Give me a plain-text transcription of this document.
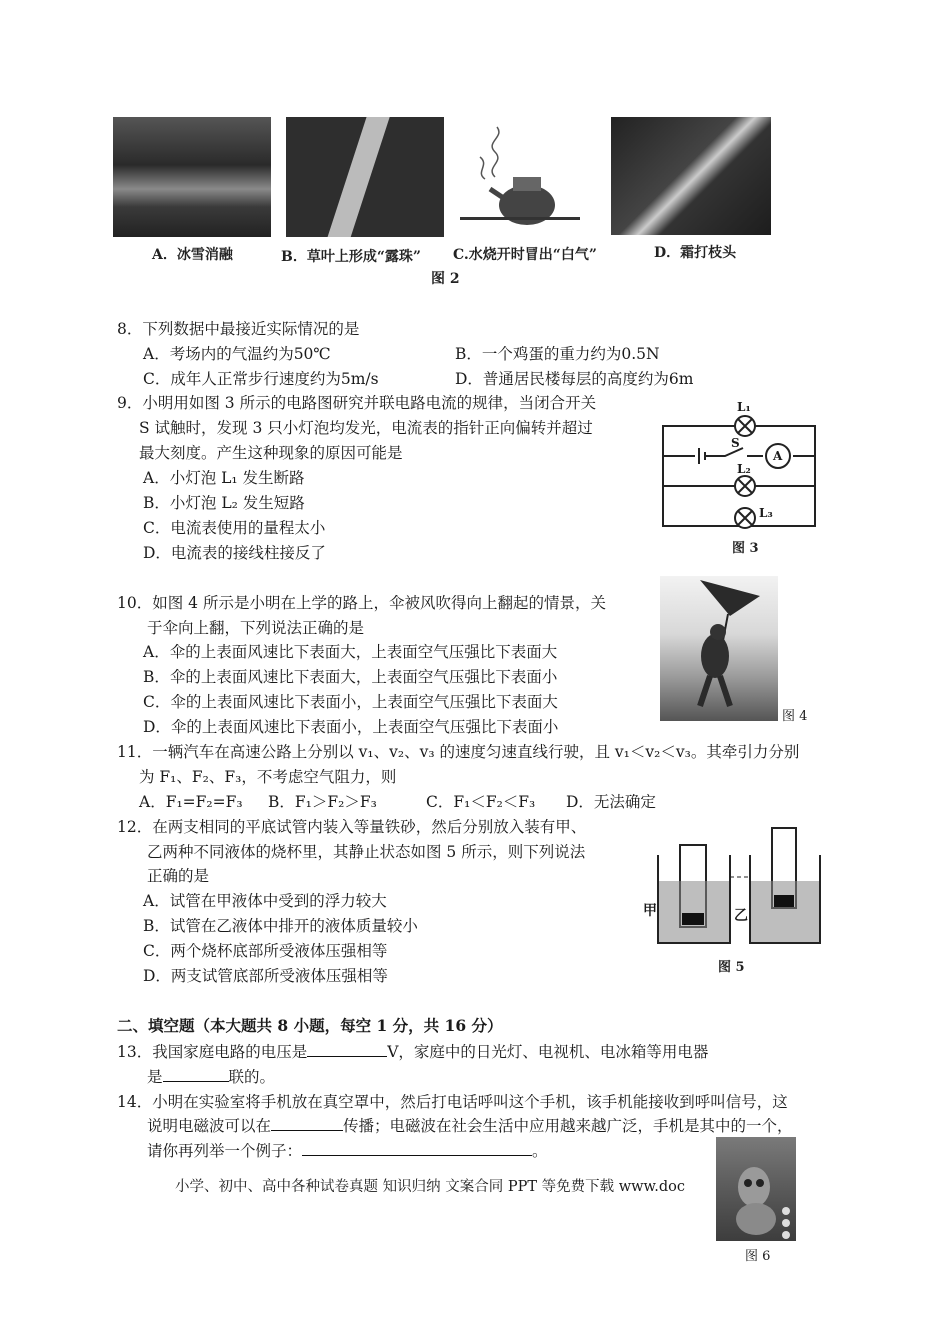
A．冰雪消融	B．草叶上形成“露珠” C.水烧开时冒出“白气”	D．霜打枝头
图 2
8．下列数据中最接近实际情况的是
A．考场内的气温约为50℃	B．一个鸡蛋的重力约为0.5N
C．成年人正常步行速度约为5m/s	D．普通居民楼每层的高度约为6m
9．小明用如图 3 所示的电路图研究并联电路电流的规律，当闭合开关
S 试触时，发现 3 只小灯泡均发光，电流表的指针正向偏转并超过
最大刻度。产生这种现象的原因可能是
A．小灯泡 L₁ 发生断路
B．小灯泡 L₂ 发生短路
C．电流表使用的量程太小
D．电流表的接线柱接反了
L₁
S
A
L₂
L₃
图 3
10．如图 4 所示是小明在上学的路上，伞被风吹得向上翻起的情景，关
于伞向上翻，下列说法正确的是
A．伞的上表面风速比下表面大，上表面空气压强比下表面大
B．伞的上表面风速比下表面大，上表面空气压强比下表面小
C．伞的上表面风速比下表面小，上表面空气压强比下表面大
D．伞的上表面风速比下表面小，上表面空气压强比下表面小
图 4
11．一辆汽车在高速公路上分别以 v₁、v₂、v₃ 的速度匀速直线行驶，且 v₁＜v₂＜v₃。其牵引力分别
为 F₁、F₂、F₃，不考虑空气阻力，则
A．F₁=F₂=F₃ B．F₁＞F₂＞F₃	C．F₁＜F₂＜F₃ D．无法确定
12．在两支相同的平底试管内装入等量铁砂，然后分别放入装有甲、
乙两种不同液体的烧杯里，其静止状态如图 5 所示，则下列说法
正确的是
A．试管在甲液体中受到的浮力较大
B．试管在乙液体中排开的液体质量较小
C．两个烧杯底部所受液体压强相等
D．两支试管底部所受液体压强相等
甲	乙
图 5
二、填空题（本大题共 8 小题，每空 1 分，共 16 分）
13．我国家庭电路的电压是	V，家庭中的日光灯、电视机、电冰箱等用电器
是	联的。
14．小明在实验室将手机放在真空罩中，然后打电话呼叫这个手机，该手机能接收到呼叫信号，这
说明电磁波可以在	传播；电磁波在社会生活中应用越来越广泛，手机是其中的一个，
请你再列举一个例子：	。
小学、初中、高中各种试卷真题 知识归纳 文案合同 PPT 等免费下载 www.doc
图 6
